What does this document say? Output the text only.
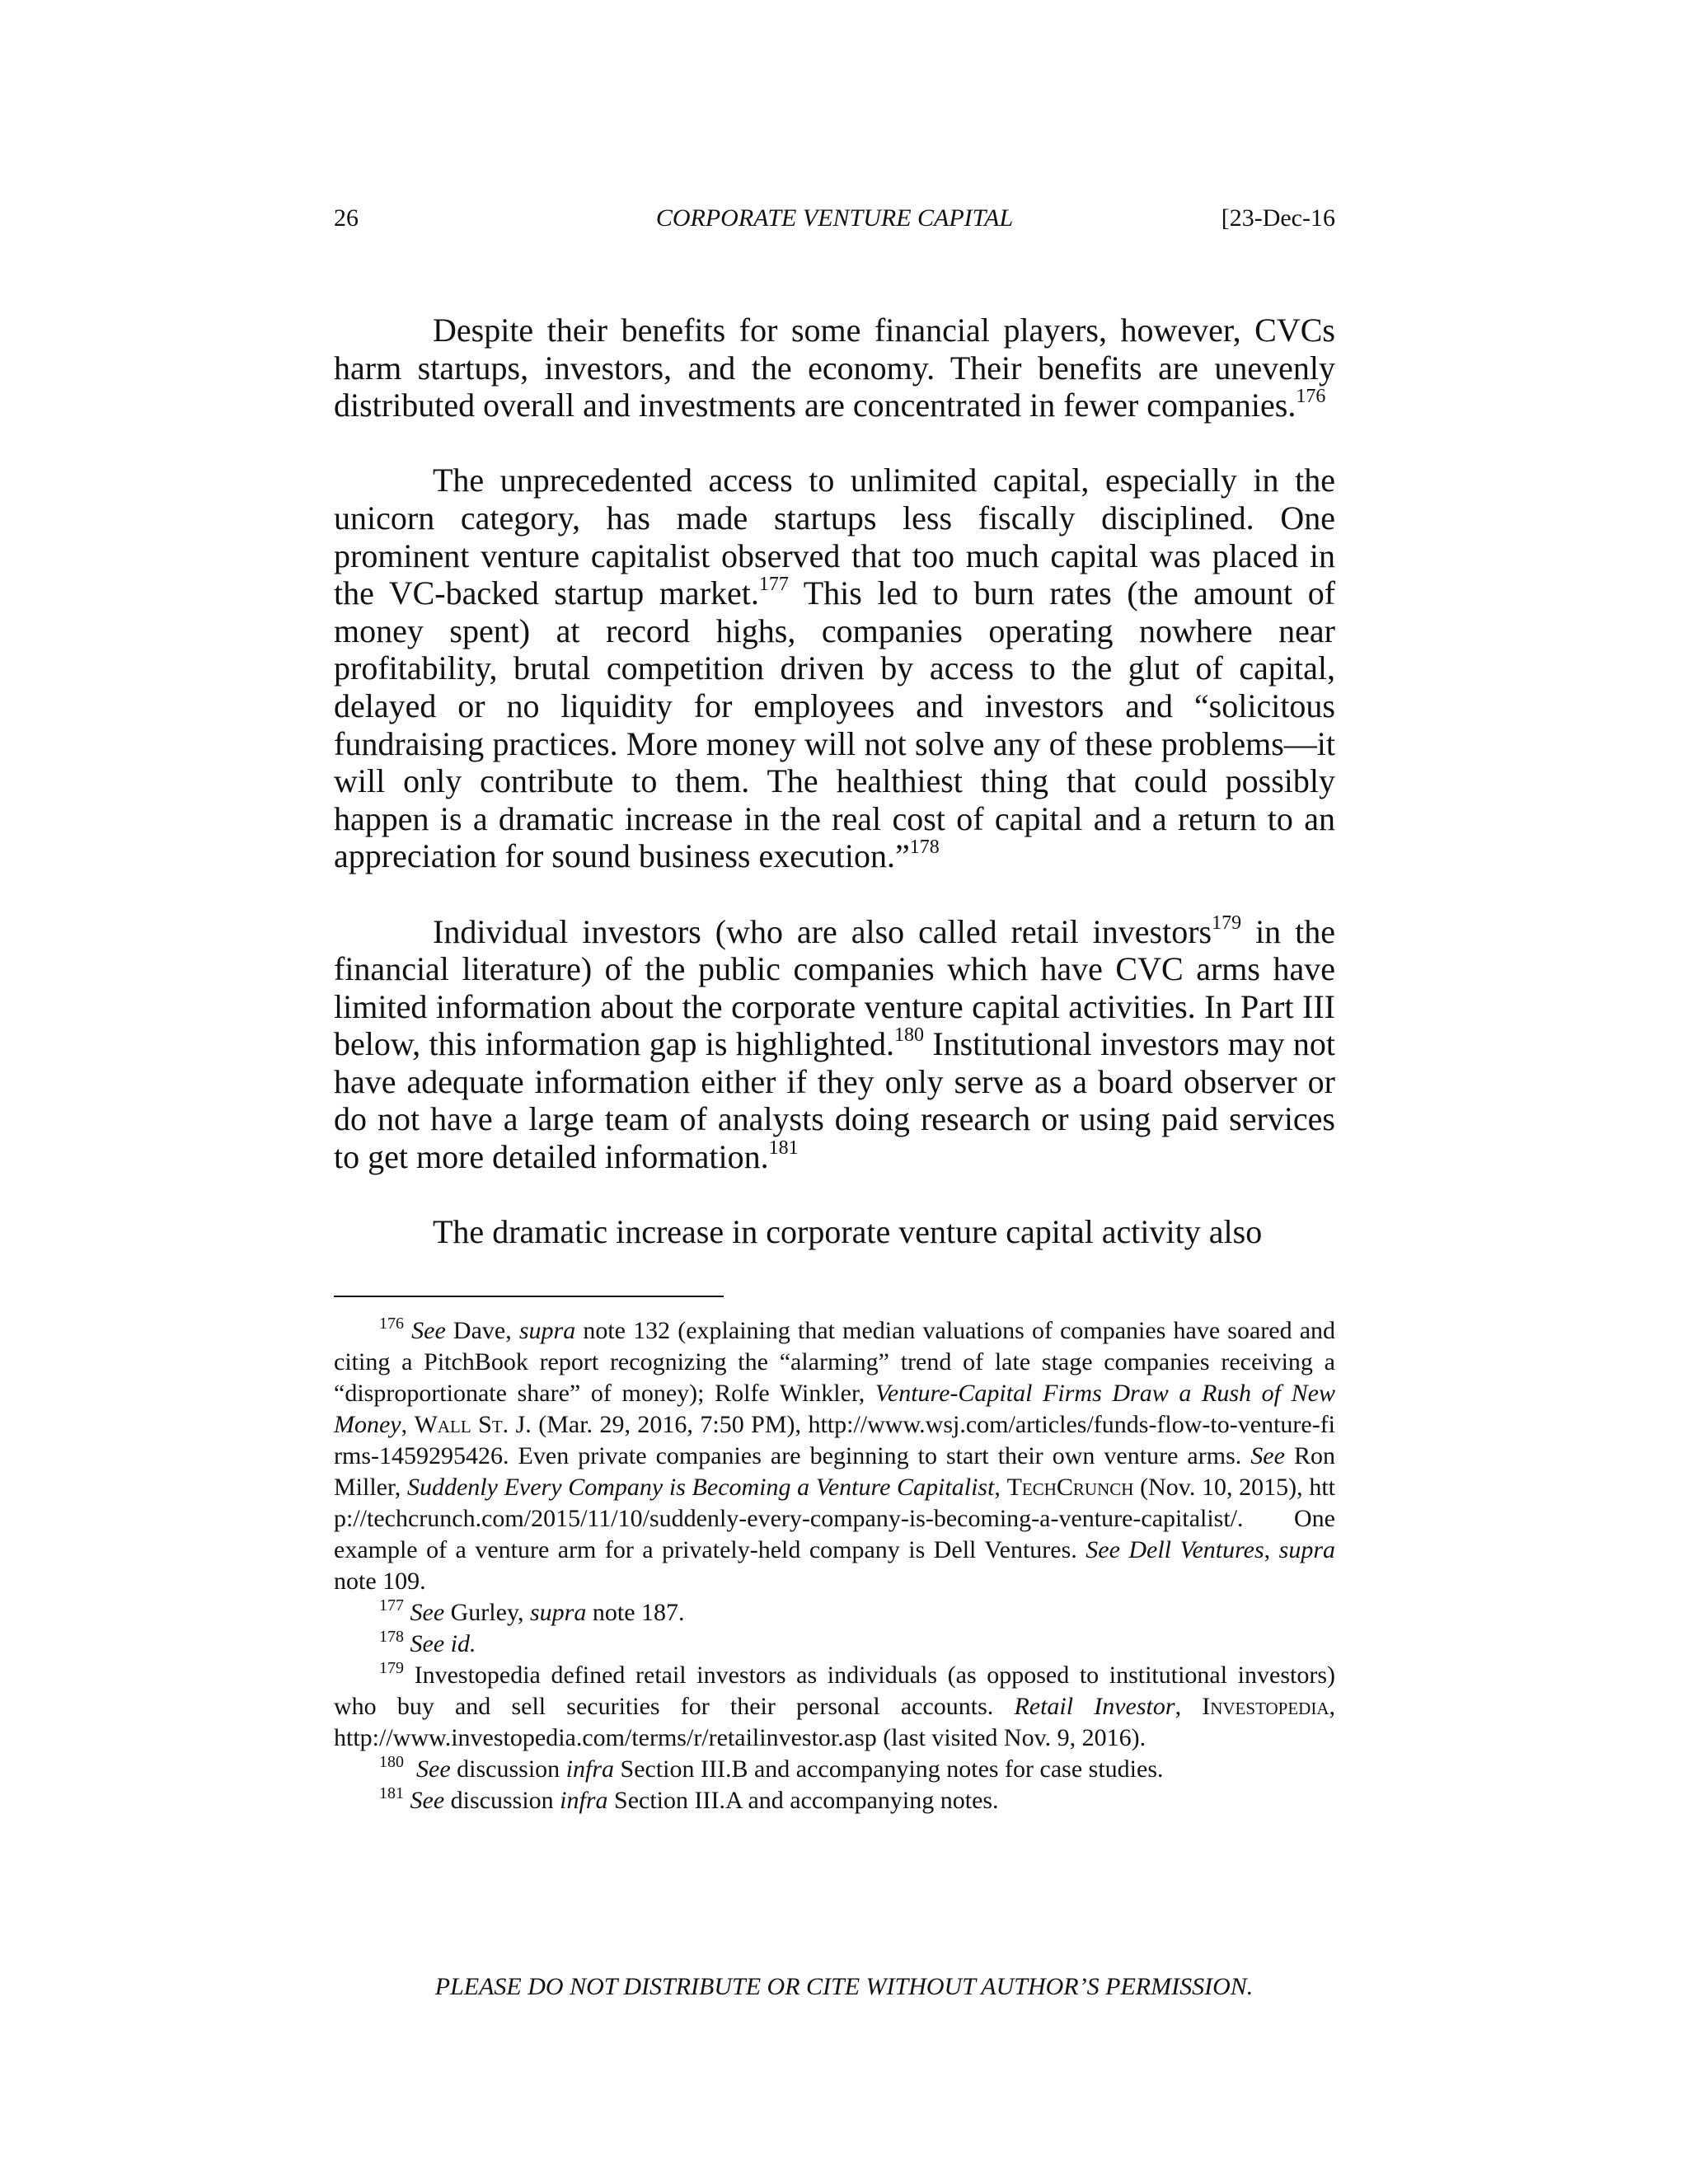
26	CORPORATE VENTURE CAPITAL	[23-Dec-16

Despite their benefits for some financial players, however, CVCs harm startups, investors, and the economy. Their benefits are unevenly distributed overall and investments are concentrated in fewer companies.$^{176}$

The unprecedented access to unlimited capital, especially in the unicorn category, has made startups less fiscally disciplined. One prominent venture capitalist observed that too much capital was placed in the VC-backed startup market.$^{177}$ This led to burn rates (the amount of money spent) at record highs, companies operating nowhere near profitability, brutal competition driven by access to the glut of capital, delayed or no liquidity for employees and investors and “solicitous fundraising practices. More money will not solve any of these problems—it will only contribute to them. The healthiest thing that could possibly happen is a dramatic increase in the real cost of capital and a return to an appreciation for sound business execution.”$^{178}$

Individual investors (who are also called retail investors$^{179}$ in the financial literature) of the public companies which have CVC arms have limited information about the corporate venture capital activities. In Part III below, this information gap is highlighted.$^{180}$ Institutional investors may not have adequate information either if they only serve as a board observer or do not have a large team of analysts doing research or using paid services to get more detailed information.$^{181}$

The dramatic increase in corporate venture capital activity also

$^{176}$ See Dave, supra note 132 (explaining that median valuations of companies have soared and citing a PitchBook report recognizing the “alarming” trend of late stage companies receiving a “disproportionate share” of money); Rolfe Winkler, Venture-Capital Firms Draw a Rush of New Money, Wall St. J. (Mar. 29, 2016, 7:50 PM), http://www.wsj.com/articles/funds-flow-to-venture-firms-1459295426. Even private companies are beginning to start their own venture arms. See Ron Miller, Suddenly Every Company is Becoming a Venture Capitalist, TechCrunch (Nov. 10, 2015), http://techcrunch.com/2015/11/10/suddenly-every-company-is-becoming-a-venture-capitalist/. One example of a venture arm for a privately-held company is Dell Ventures. See Dell Ventures, supra note 109.

$^{177}$ See Gurley, supra note 187.

$^{178}$ See id.

$^{179}$ Investopedia defined retail investors as individuals (as opposed to institutional investors) who buy and sell securities for their personal accounts. Retail Investor, Investopedia, http://www.investopedia.com/terms/r/retailinvestor.asp (last visited Nov. 9, 2016).

$^{180}$ See discussion infra Section III.B and accompanying notes for case studies.

$^{181}$ See discussion infra Section III.A and accompanying notes.

PLEASE DO NOT DISTRIBUTE OR CITE WITHOUT AUTHOR’S PERMISSION.
